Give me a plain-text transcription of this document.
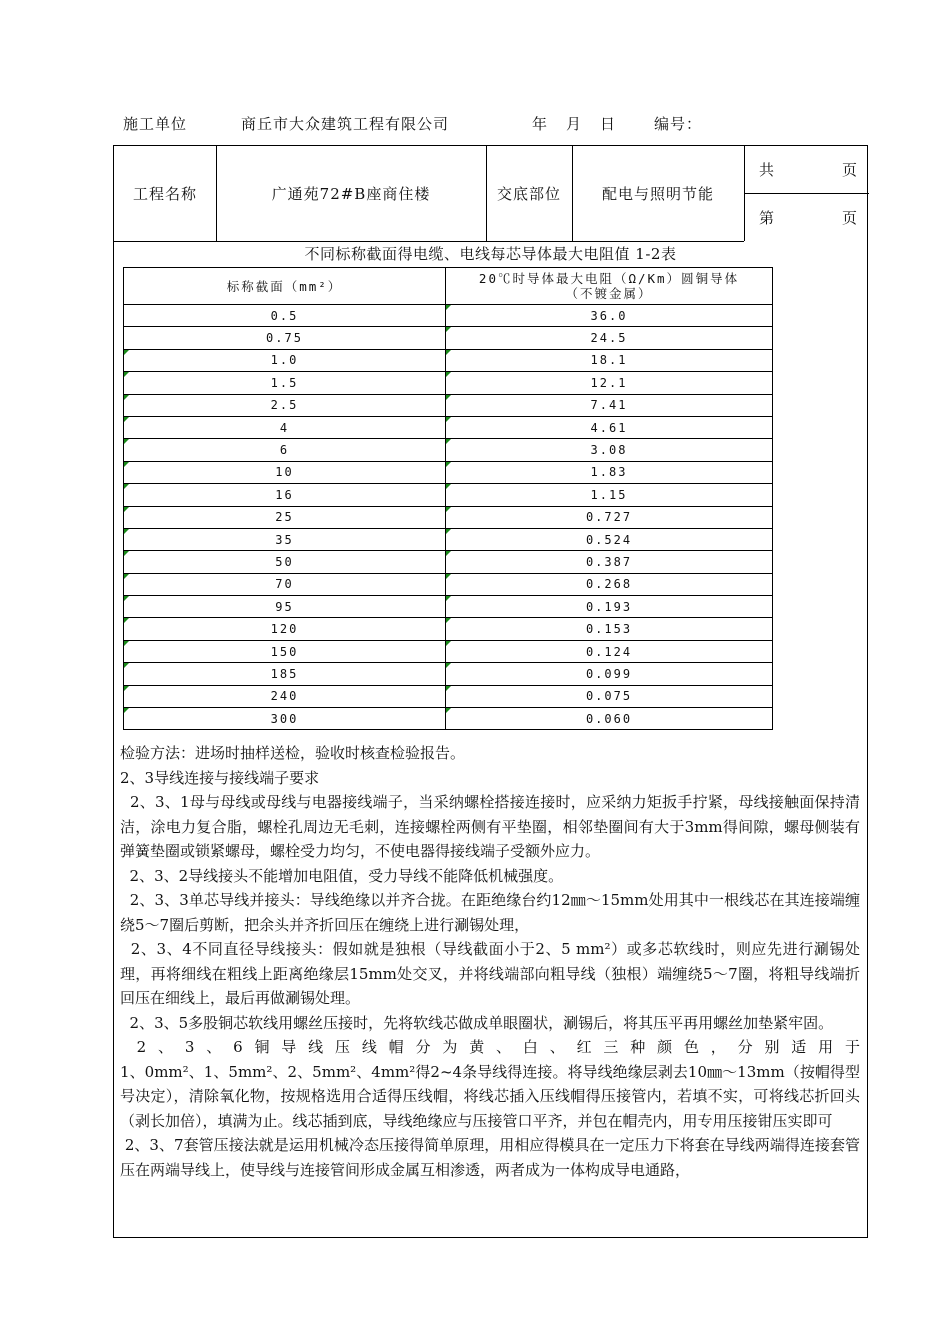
施工单位	商丘市大众建筑工程有限公司	年 月 日	编号：
工程名称	广通苑72#B座商住楼	交底部位	配电与照明节能
共	页
第	页
不同标称截面得电缆、电线每芯导体最大电阻值 1-2表
标称截面（mm²）	20℃时导体最大电阻（Ω/Km）圆铜导体
（不镀金属）

0.5	36.0

0.75	24.5

1.0	18.1

1.5	12.1

2.5	7.41

4	4.61

6	3.08

10	1.83

16	1.15

25	0.727

35	0.524

50	0.387

70	0.268

95	0.193

120	0.153

150	0.124

185	0.099

240	0.075

300	0.060

检验方法：进场时抽样送检，验收时核查检验报告。

2、3导线连接与接线端子要求

2、3、1母与母线或母线与电器接线端子，当采纳螺栓搭接连接时，应采纳力矩扳手拧紧，母线接触面保持清洁，涂电力复合脂，螺栓孔周边无毛刺，连接螺栓两侧有平垫圈，相邻垫圈间有大于3mm得间隙，螺母侧装有弹簧垫圈或锁紧螺母，螺栓受力均匀，不使电器得接线端子受额外应力。

2、3、2导线接头不能增加电阻值，受力导线不能降低机械强度。

2、3、3单芯导线并接头：导线绝缘以并齐合拢。在距绝缘台约12㎜～15mm处用其中一根线芯在其连接端缠绕5～7圈后剪断，把余头并齐折回压在缠绕上进行涮锡处理，

2、3、4不同直径导线接头：假如就是独根（导线截面小于2、5 mm²）或多芯软线时，则应先进行涮锡处理，再将细线在粗线上距离绝缘层15mm处交叉，并将线端部向粗导线（独根）端缠绕5～7圈，将粗导线端折回压在细线上，最后再做涮锡处理。

2、3、5多股铜芯软线用螺丝压接时，先将软线芯做成单眼圈状，涮锡后，将其压平再用螺丝加垫紧牢固。

2、3、6铜导线压线帽分为黄、白、红三种颜色，分别适用于

1、0mm²、1、5mm²、2、5mm²、4mm²得2~4条导线得连接。将导线绝缘层剥去10㎜～13mm（按帽得型号决定），清除氧化物，按规格选用合适得压线帽，将线芯插入压线帽得压接管内，若填不实，可将线芯折回头（剥长加倍），填满为止。线芯插到底，导线绝缘应与压接管口平齐，并包在帽壳内，用专用压接钳压实即可

2、3、7套管压接法就是运用机械冷态压接得简单原理，用相应得模具在一定压力下将套在导线两端得连接套管压在两端导线上，使导线与连接管间形成金属互相渗透，两者成为一体构成导电通路，
